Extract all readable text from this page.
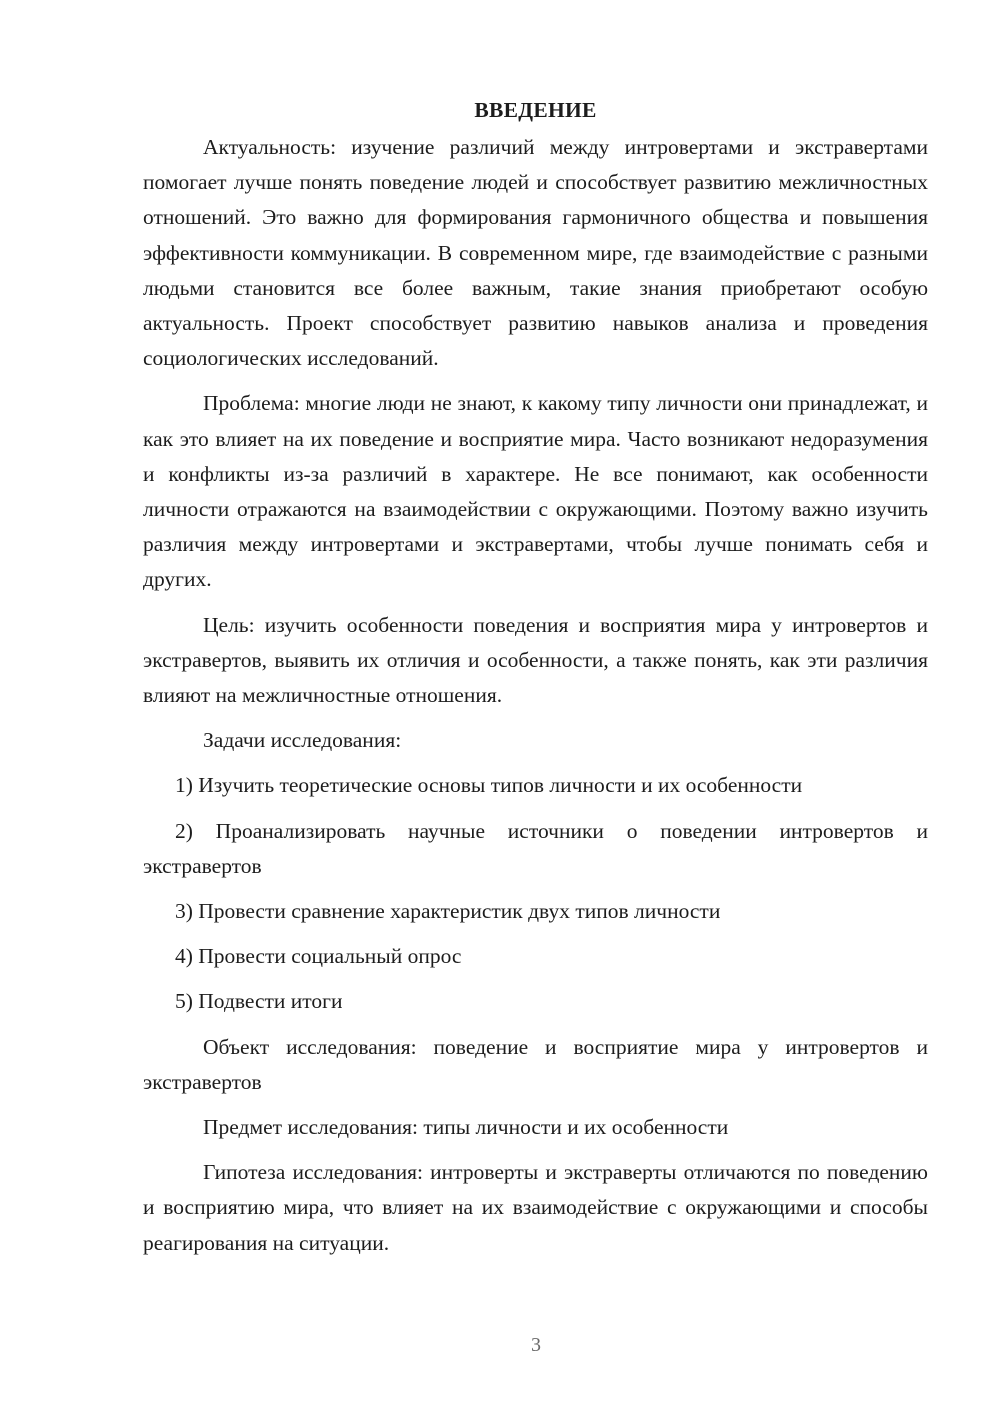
ВВЕДЕНИЕ

Актуальность: изучение различий между интровертами и экстравертами помогает лучше понять поведение людей и способствует развитию межличностных отношений. Это важно для формирования гармоничного общества и повышения эффективности коммуникации. В современном мире, где взаимодействие с разными людьми становится все более важным, такие знания приобретают особую актуальность. Проект способствует развитию навыков анализа и проведения социологических исследований.

Проблема: многие люди не знают, к какому типу личности они принадлежат, и как это влияет на их поведение и восприятие мира. Часто возникают недоразумения и конфликты из-за различий в характере. Не все понимают, как особенности личности отражаются на взаимодействии с окружающими. Поэтому важно изучить различия между интровертами и экстравертами, чтобы лучше понимать себя и других.

Цель: изучить особенности поведения и восприятия мира у интровертов и экстравертов, выявить их отличия и особенности, а также понять, как эти различия влияют на межличностные отношения.

Задачи исследования:

1) Изучить теоретические основы типов личности и их особенности

2) Проанализировать научные источники о поведении интровертов и экстравертов

3) Провести сравнение характеристик двух типов личности

4) Провести социальный опрос

5) Подвести итоги

Объект исследования: поведение и восприятие мира у интровертов и экстравертов

Предмет исследования: типы личности и их особенности

Гипотеза исследования: интроверты и экстраверты отличаются по поведению и восприятию мира, что влияет на их взаимодействие с окружающими и способы реагирования на ситуации.

3
